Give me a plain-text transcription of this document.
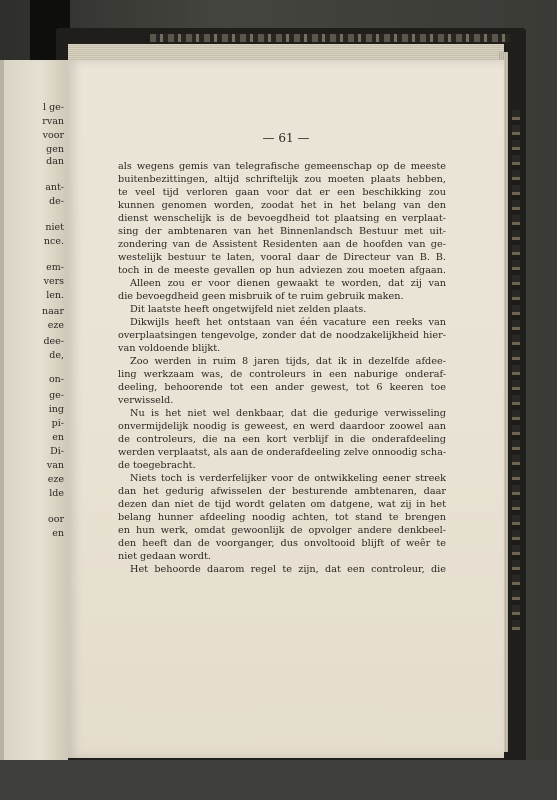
l ge-
rvan
voor
gen
dan
ant-
de-
niet
nce.
em-
vers
len.
naar
eze
dee-
de,
on-
ge-
ing
pi-
en
Di-
van
eze
lde
oor
en
— 61 —
als wegens gemis van telegrafische gemeenschap op de meeste
buitenbezittingen, altijd schriftelijk zou moeten plaats hebben,
te veel tijd verloren gaan voor dat er een beschikking zou
kunnen genomen worden, zoodat het in het belang van den
dienst wenschelijk is de bevoegdheid tot plaatsing en verplaat-
sing der ambtenaren van het Binnenlandsch Bestuur met uit-
zondering van de Assistent Residenten aan de hoofden van ge-
westelijk bestuur te laten, vooral daar de Directeur van B. B.
toch in de meeste gevallen op hun adviezen zou moeten afgaan.
Alleen zou er voor dienen gewaakt te worden, dat zij van
die bevoegdheid geen misbruik of te ruim gebruik maken.
Dit laatste heeft ongetwijfeld niet zelden plaats.
Dikwijls heeft het ontstaan van één vacature een reeks van
overplaatsingen tengevolge, zonder dat de noodzakelijkheid hier-
van voldoende blijkt.
Zoo werden in ruim 8 jaren tijds, dat ik in dezelfde afdee-
ling werkzaam was, de controleurs in een naburige onderaf-
deeling, behoorende tot een ander gewest, tot 6 keeren toe
verwisseld.
Nu is het niet wel denkbaar, dat die gedurige verwisseling
onvermijdelijk noodig is geweest, en werd daardoor zoowel aan
de controleurs, die na een kort verblijf in die onderafdeeling
werden verplaatst, als aan de onderafdeeling zelve onnoodig scha-
de toegebracht.
Niets toch is verderfelijker voor de ontwikkeling eener streek
dan het gedurig afwisselen der besturende ambtenaren, daar
dezen dan niet de tijd wordt gelaten om datgene, wat zij in het
belang hunner afdeeling noodig achten, tot stand te brengen
en hun werk, omdat gewoonlijk de opvolger andere denkbeel-
den heeft dan de voorganger, dus onvoltooid blijft of weêr te
niet gedaan wordt.
Het behoorde daarom regel te zijn, dat een controleur, die
